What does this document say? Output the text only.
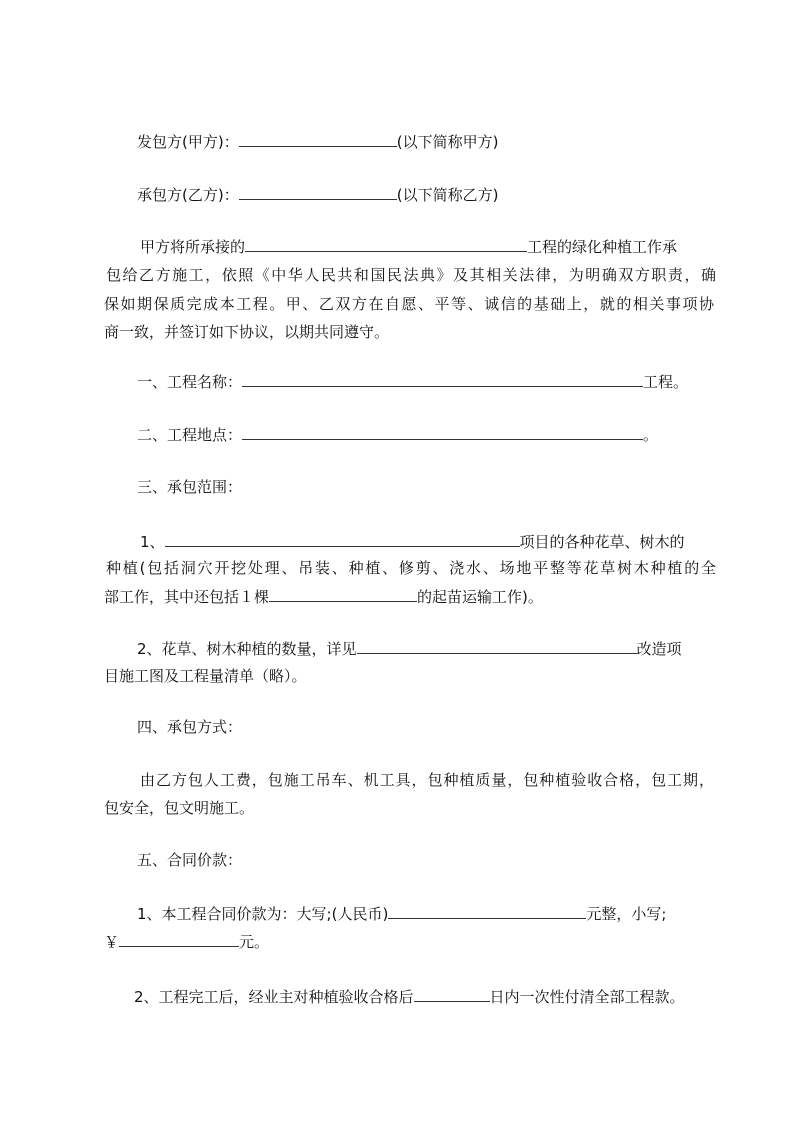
发包方(甲方)：	(以下简称甲方)
承包方(乙方)：	(以下简称乙方)
甲方将所承接的	工程的绿化种植工作承
包给乙方施工，依照《中华人民共和国民法典》及其相关法律，为明确双方职责，确
保如期保质完成本工程。甲、乙双方在自愿、平等、诚信的基础上，就的相关事项协
商一致，并签订如下协议，以期共同遵守。
一、工程名称：	工程。
二、工程地点：	。
三、承包范围：
1、	项目的各种花草、树木的
种植(包括洞穴开挖处理、吊装、种植、修剪、浇水、场地平整等花草树木种植的全
部工作，其中还包括１棵	的起苗运输工作)。
2、花草、树木种植的数量，详见	改造项
目施工图及工程量清单（略）。
四、承包方式：
由乙方包人工费，包施工吊车、机工具，包种植质量，包种植验收合格，包工期，
包安全，包文明施工。
五、合同价款：
1、本工程合同价款为：大写;(人民币)	元整，小写;
￥	元。
2、工程完工后，经业主对种植验收合格后	日内一次性付清全部工程款。
